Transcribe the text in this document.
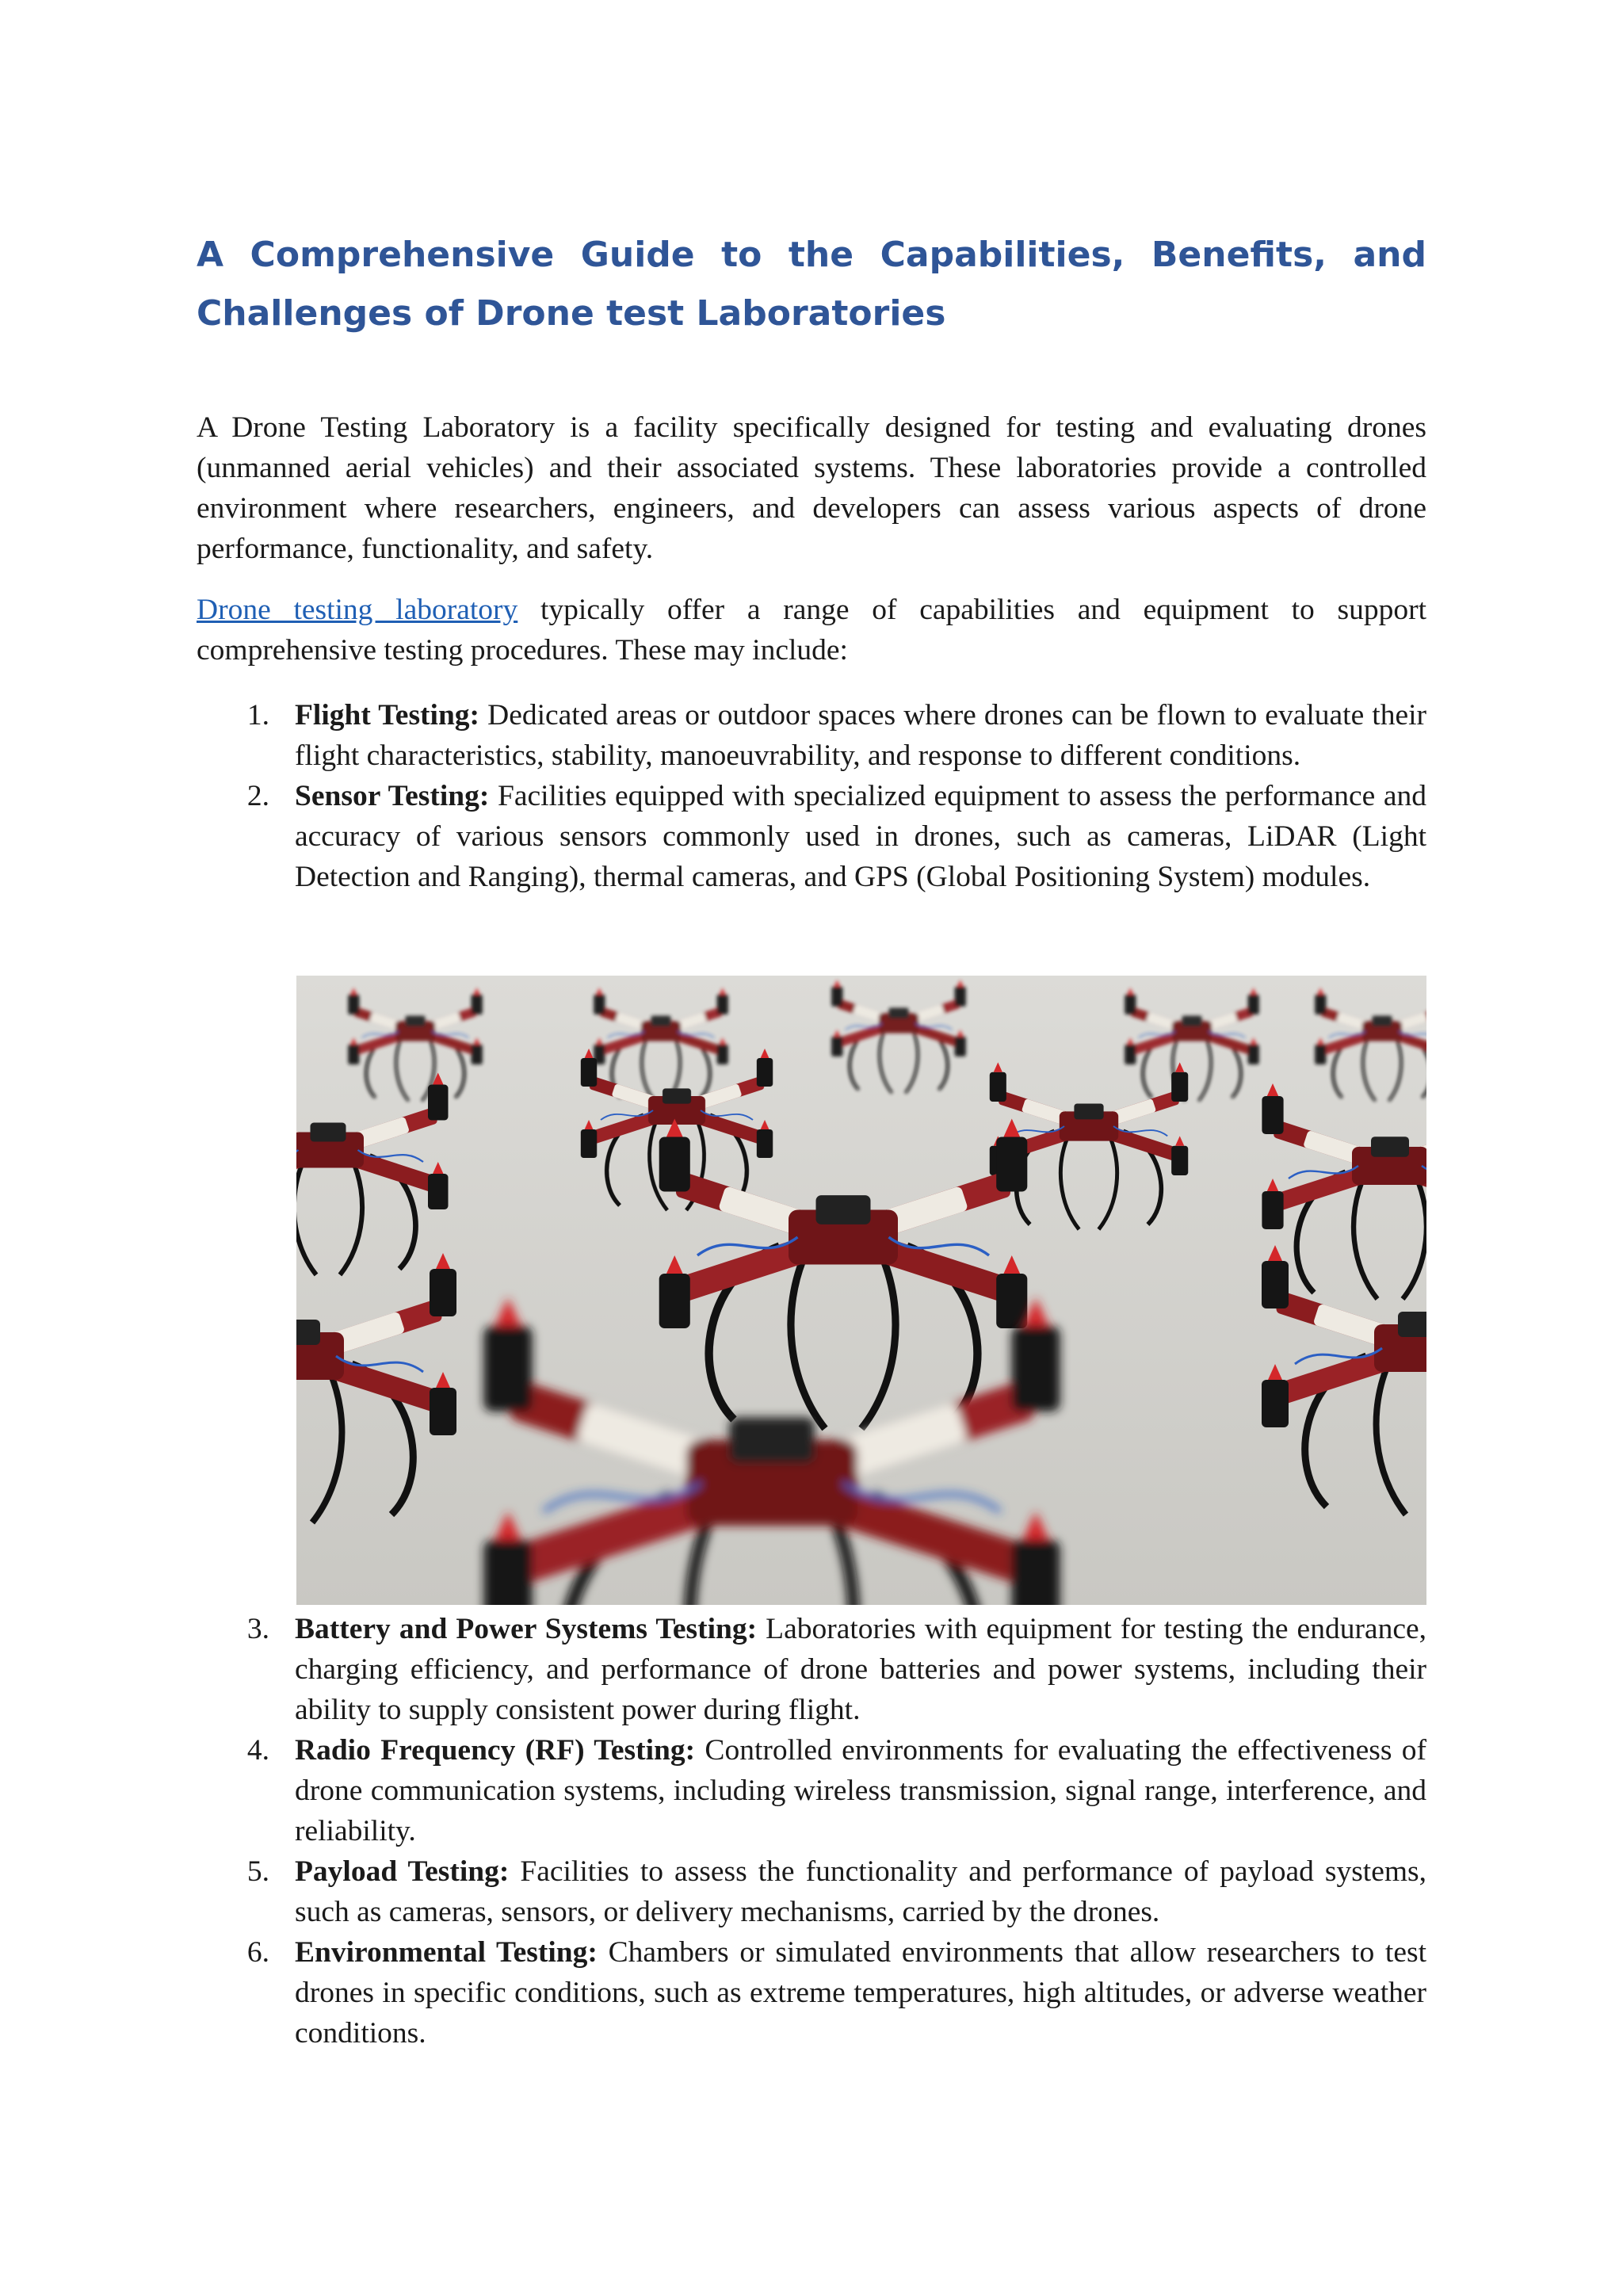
A Comprehensive Guide to the Capabilities, Benefits, and Challenges of Drone test Laboratories

A Drone Testing Laboratory is a facility specifically designed for testing and evaluating drones (unmanned aerial vehicles) and their associated systems. These laboratories provide a controlled environment where researchers, engineers, and developers can assess various aspects of drone performance, functionality, and safety.

Drone testing laboratory typically offer a range of capabilities and equipment to support comprehensive testing procedures. These may include:

1. Flight Testing: Dedicated areas or outdoor spaces where drones can be flown to evaluate their flight characteristics, stability, manoeuvrability, and response to different conditions.
2. Sensor Testing: Facilities equipped with specialized equipment to assess the performance and accuracy of various sensors commonly used in drones, such as cameras, LiDAR (Light Detection and Ranging), thermal cameras, and GPS (Global Positioning System) modules.
3. Battery and Power Systems Testing: Laboratories with equipment for testing the endurance, charging efficiency, and performance of drone batteries and power systems, including their ability to supply consistent power during flight.
4. Radio Frequency (RF) Testing: Controlled environments for evaluating the effectiveness of drone communication systems, including wireless transmission, signal range, interference, and reliability.
5. Payload Testing: Facilities to assess the functionality and performance of payload systems, such as cameras, sensors, or delivery mechanisms, carried by the drones.
6. Environmental Testing: Chambers or simulated environments that allow researchers to test drones in specific conditions, such as extreme temperatures, high altitudes, or adverse weather conditions.
